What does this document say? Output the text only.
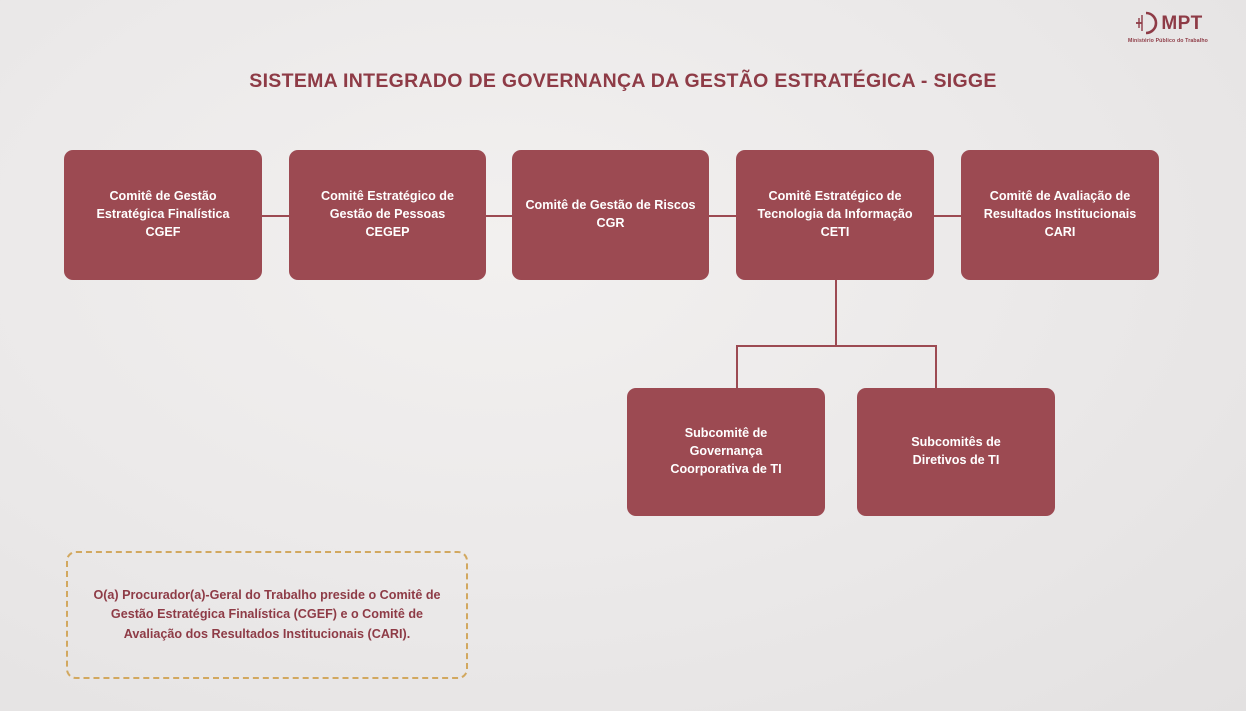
MPT
Ministério Público do Trabalho
SISTEMA INTEGRADO DE GOVERNANÇA DA GESTÃO ESTRATÉGICA - SIGGE
Comitê de Gestão
Estratégica Finalística
CGEF
Comitê Estratégico de
Gestão de Pessoas
CEGEP
Comitê de Gestão de Riscos
CGR
Comitê Estratégico de
Tecnologia da Informação
CETI
Comitê de Avaliação de
Resultados Institucionais
CARI
Subcomitê de
Governança
Coorporativa de TI
Subcomitês de
Diretivos de TI
O(a) Procurador(a)-Geral do Trabalho preside o Comitê de Gestão Estratégica Finalística (CGEF) e o Comitê de Avaliação dos Resultados Institucionais (CARI).
